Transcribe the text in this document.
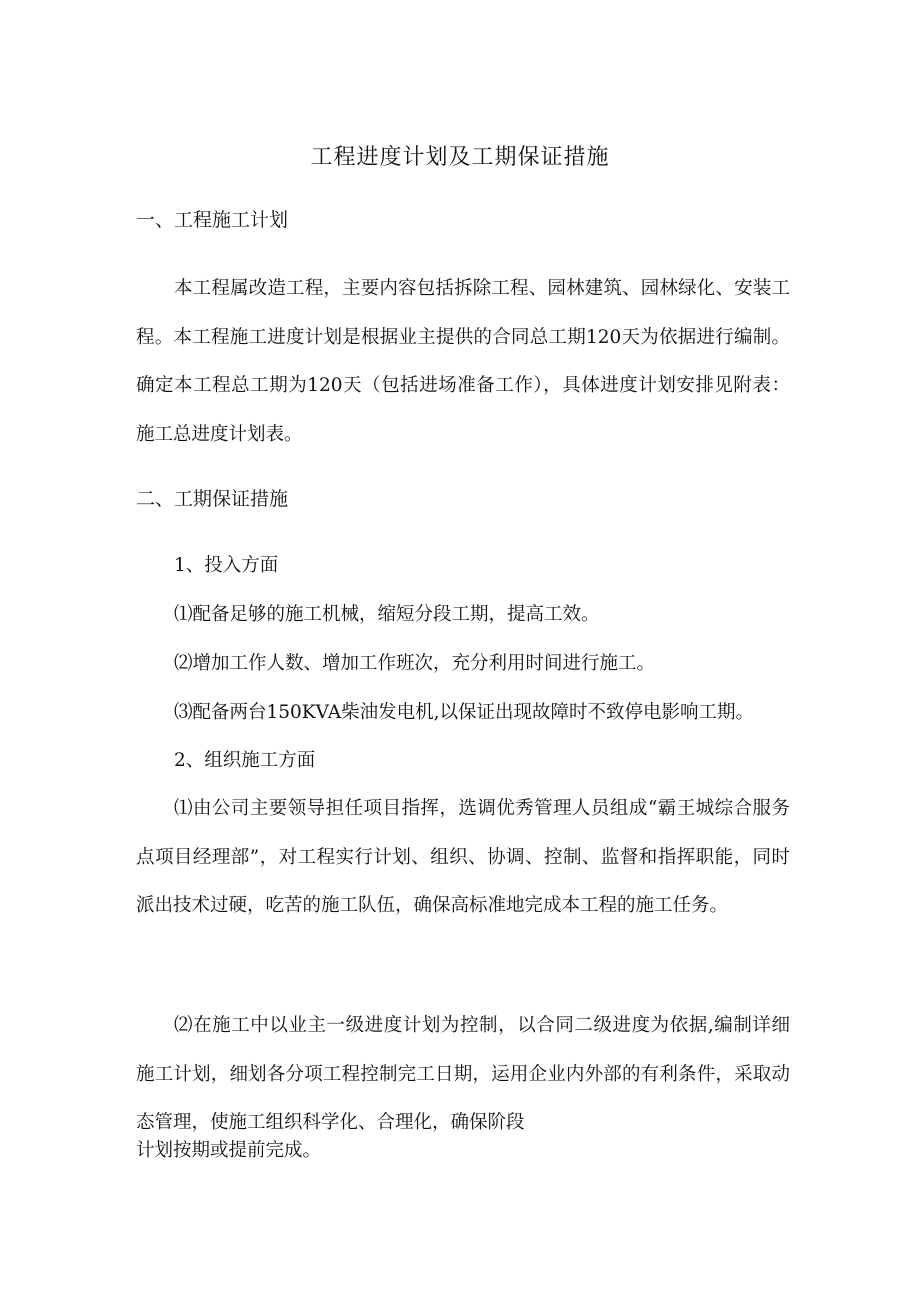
工程进度计划及工期保证措施
一、工程施工计划

本工程属改造工程，主要内容包括拆除工程、园林建筑、园林绿化、安装工程。本工程施工进度计划是根据业主提供的合同总工期120天为依据进行编制。确定本工程总工期为120天（包括进场准备工作），具体进度计划安排见附表：施工总进度计划表。

二、工期保证措施

1、投入方面

⑴配备足够的施工机械，缩短分段工期，提高工效。

⑵增加工作人数、增加工作班次，充分利用时间进行施工。

⑶配备两台150KVA柴油发电机,以保证出现故障时不致停电影响工期。

2、组织施工方面

⑴由公司主要领导担任项目指挥，选调优秀管理人员组成“霸王城综合服务点项目经理部”，对工程实行计划、组织、协调、控制、监督和指挥职能，同时派出技术过硬，吃苦的施工队伍，确保高标准地完成本工程的施工任务。

⑵在施工中以业主一级进度计划为控制，以合同二级进度为依据,编制详细施工计划，细划各分项工程控制完工日期，运用企业内外部的有利条件，采取动态管理，使施工组织科学化、合理化，确保阶段

计划按期或提前完成。
